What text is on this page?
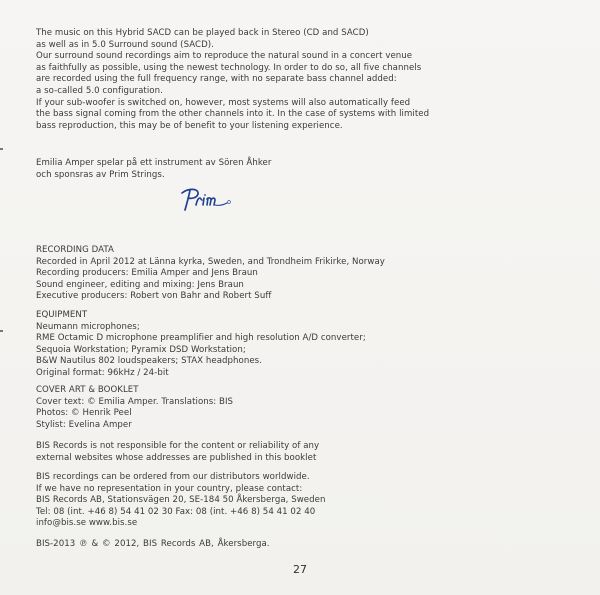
The music on this Hybrid SACD can be played back in Stereo (CD and SACD)
as well as in 5.0 Surround sound (SACD).
Our surround sound recordings aim to reproduce the natural sound in a concert venue
as faithfully as possible, using the newest technology. In order to do so, all five channels
are recorded using the full frequency range, with no separate bass channel added:
a so-called 5.0 configuration.
If your sub-woofer is switched on, however, most systems will also automatically feed
the bass signal coming from the other channels into it. In the case of systems with limited
bass reproduction, this may be of benefit to your listening experience.
Emilia Amper spelar på ett instrument av Sören Åhker
och sponsras av Prim Strings.
RECORDING DATA
Recorded in April 2012 at Länna kyrka, Sweden, and Trondheim Frikirke, Norway
Recording producers: Emilia Amper and Jens Braun
Sound engineer, editing and mixing: Jens Braun
Executive producers: Robert von Bahr and Robert Suff
EQUIPMENT
Neumann microphones;
RME Octamic D microphone preamplifier and high resolution A/D converter;
Sequoia Workstation; Pyramix DSD Workstation;
B&W Nautilus 802 loudspeakers; STAX headphones.
Original format: 96kHz / 24-bit
COVER ART & BOOKLET
Cover text: © Emilia Amper. Translations: BIS
Photos: © Henrik Peel
Stylist: Evelina Amper
BIS Records is not responsible for the content or reliability of any
external websites whose addresses are published in this booklet
BIS recordings can be ordered from our distributors worldwide.
If we have no representation in your country, please contact:
BIS Records AB, Stationsvägen 20, SE-184 50 Åkersberga, Sweden
Tel: 08 (int. +46 8) 54 41 02 30 Fax: 08 (int. +46 8) 54 41 02 40
info@bis.se www.bis.se
BIS-2013 ℗ & © 2012, BIS Records AB, Åkersberga.
27
